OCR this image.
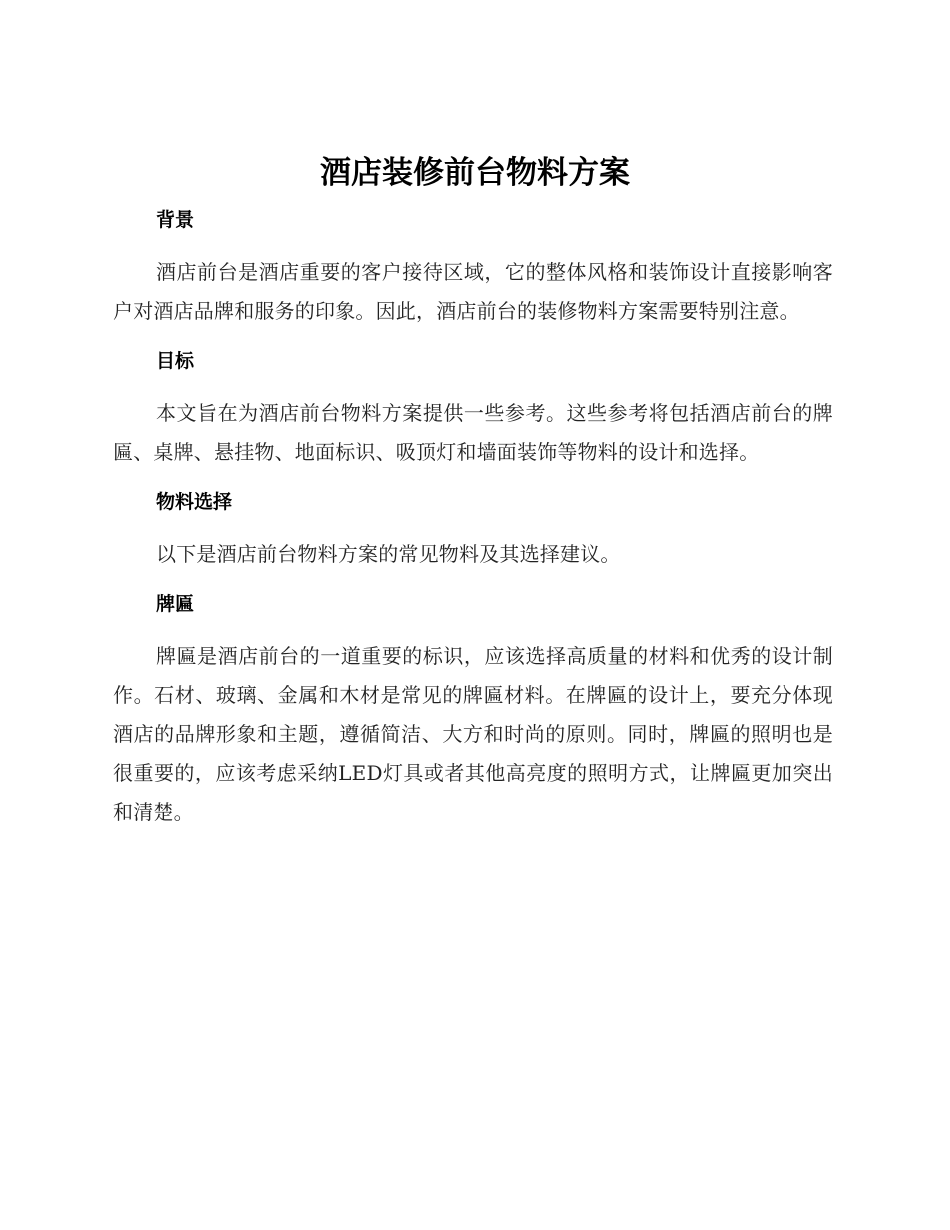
酒店装修前台物料方案
背景

酒店前台是酒店重要的客户接待区域，它的整体风格和装饰设计直接影响客户对酒店品牌和服务的印象。因此，酒店前台的装修物料方案需要特别注意。

目标

本文旨在为酒店前台物料方案提供一些参考。这些参考将包括酒店前台的牌匾、桌牌、悬挂物、地面标识、吸顶灯和墙面装饰等物料的设计和选择。

物料选择

以下是酒店前台物料方案的常见物料及其选择建议。

牌匾

牌匾是酒店前台的一道重要的标识，应该选择高质量的材料和优秀的设计制作。石材、玻璃、金属和木材是常见的牌匾材料。在牌匾的设计上，要充分体现酒店的品牌形象和主题，遵循简洁、大方和时尚的原则。同时，牌匾的照明也是很重要的，应该考虑采纳LED灯具或者其他高亮度的照明方式，让牌匾更加突出和清楚。
